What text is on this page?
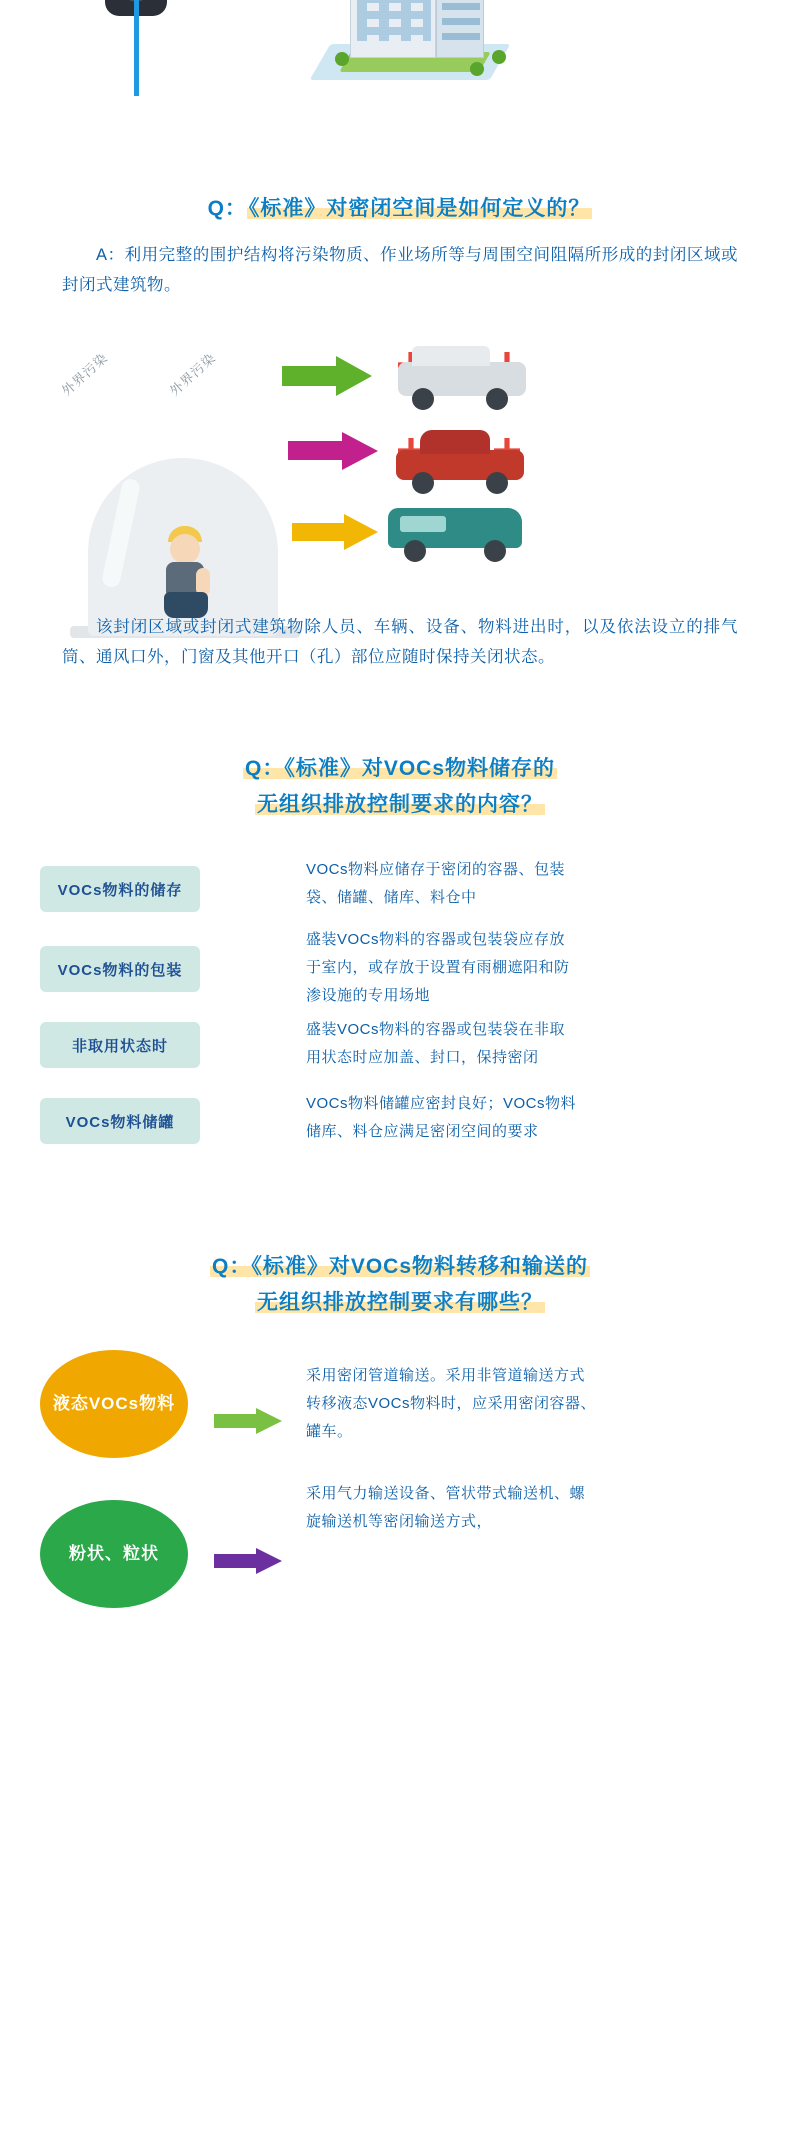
Q：《标准》对密闭空间是如何定义的？
A：利用完整的围护结构将污染物质、作业场所等与周围空间阻隔所形成的封闭区域或封闭式建筑物。
外界污染	外界污染
该封闭区域或封闭式建筑物除人员、车辆、设备、物料进出时，以及依法设立的排气筒、通风口外，门窗及其他开口（孔）部位应随时保持关闭状态。
Q：《标准》对VOCs物料储存的
无组织排放控制要求的内容？
VOCs物料的储存
VOCs物料应储存于密闭的容器、包装袋、储罐、储库、料仓中
VOCs物料的包装
盛装VOCs物料的容器或包装袋应存放于室内，或存放于设置有雨棚遮阳和防渗设施的专用场地
非取用状态时
盛装VOCs物料的容器或包装袋在非取用状态时应加盖、封口，保持密闭
VOCs物料储罐
VOCs物料储罐应密封良好；VOCs物料储库、料仓应满足密闭空间的要求
Q：《标准》对VOCs物料转移和输送的
无组织排放控制要求有哪些？
液态VOCs物料
采用密闭管道输送。采用非管道输送方式转移液态VOCs物料时，应采用密闭容器、罐车。
粉状、粒状
采用气力输送设备、管状带式输送机、螺旋输送机等密闭输送方式，
